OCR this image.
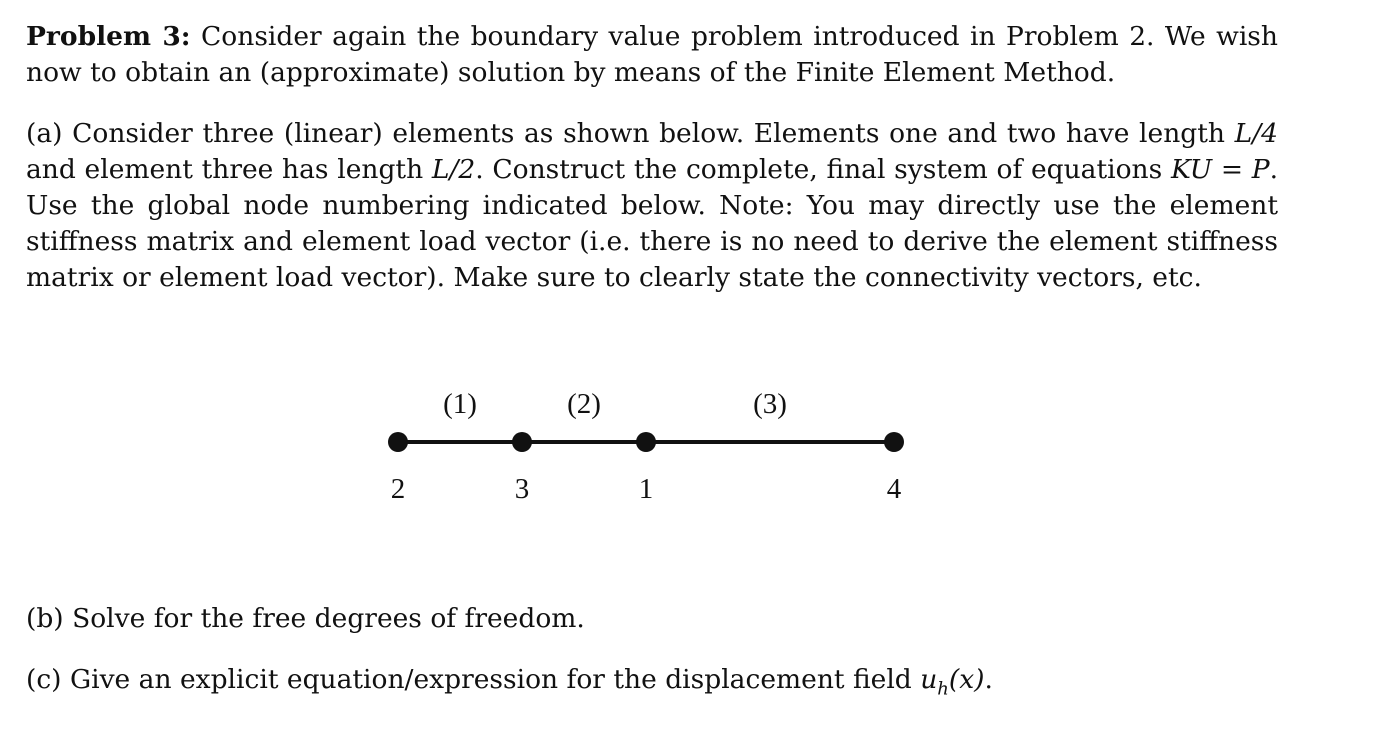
Problem 3: Consider again the boundary value problem introduced in Problem 2. We wish now to obtain an (approximate) solution by means of the Finite Element Method.

(a) Consider three (linear) elements as shown below. Elements one and two have length L/4 and element three has length L/2. Construct the complete, final system of equations KU = P. Use the global node numbering indicated below. Note: You may directly use the element stiffness matrix and element load vector (i.e. there is no need to derive the element stiffness matrix or element load vector). Make sure to clearly state the connectivity vectors, etc.

(1)	(2)	(3)
2	3	1	4

(b) Solve for the free degrees of freedom.

(c) Give an explicit equation/expression for the displacement field $u_h(x)$.
